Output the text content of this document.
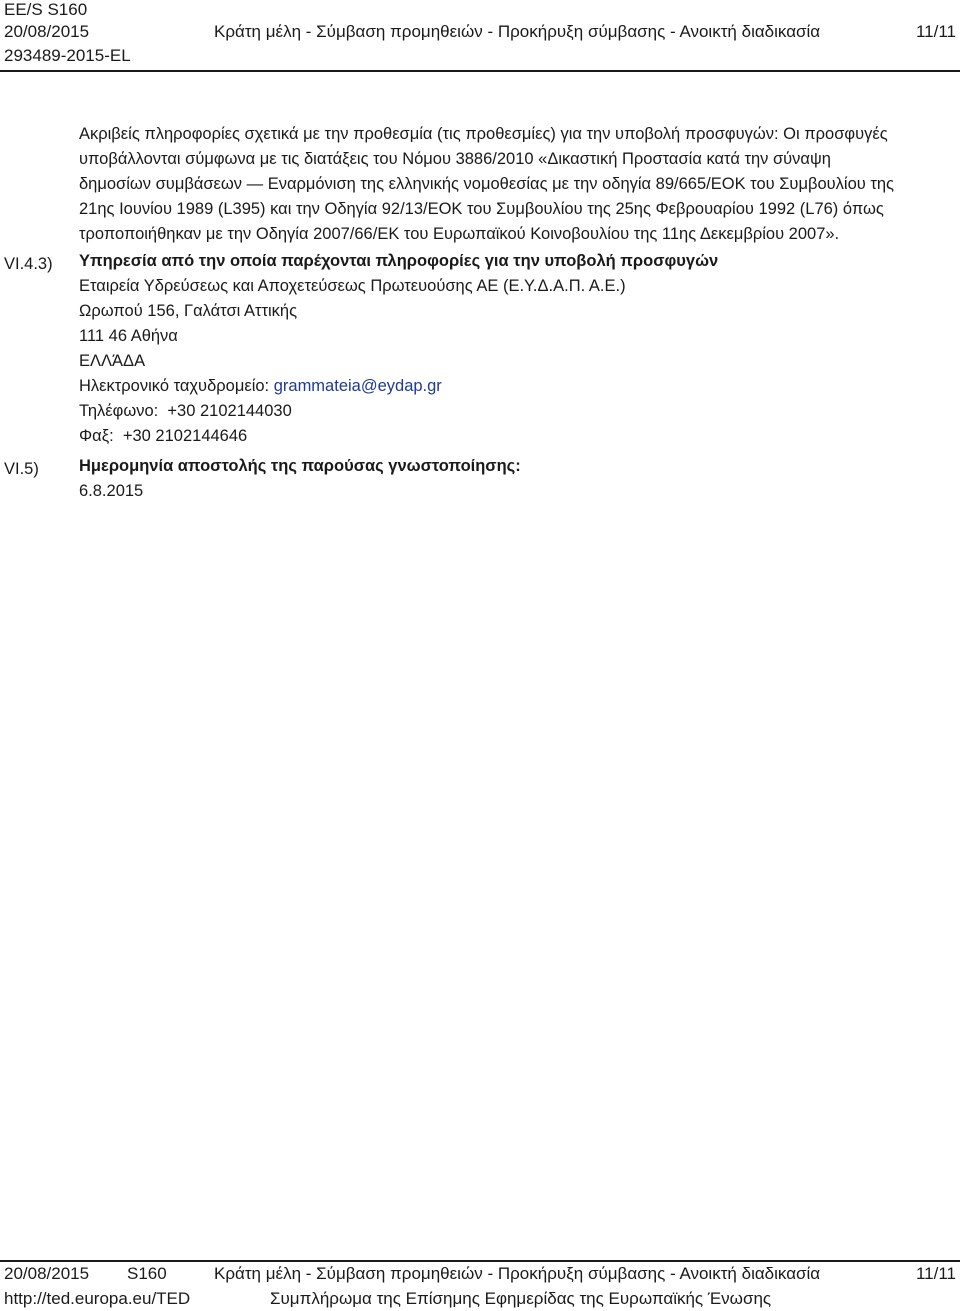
EE/S S160
20/08/2015	Κράτη μέλη - Σύμβαση προμηθειών - Προκήρυξη σύμβασης - Ανοικτή διαδικασία	11/11
293489-2015-EL
Ακριβείς πληροφορίες σχετικά με την προθεσμία (τις προθεσμίες) για την υποβολή προσφυγών: Οι προσφυγές
υποβάλλονται σύμφωνα με τις διατάξεις του Νόμου 3886/2010 «Δικαστική Προστασία κατά την σύναψη
δημοσίων συμβάσεων — Εναρμόνιση της ελληνικής νομοθεσίας με την οδηγία 89/665/ΕΟΚ του Συμβουλίου της
21ης Ιουνίου 1989 (L395) και την Οδηγία 92/13/ΕΟΚ του Συμβουλίου της 25ης Φεβρουαρίου 1992 (L76) όπως
τροποποιήθηκαν με την Οδηγία 2007/66/ΕΚ του Ευρωπαϊκού Κοινοβουλίου της 11ης Δεκεμβρίου 2007».
VI.4.3) Υπηρεσία από την οποία παρέχονται πληροφορίες για την υποβολή προσφυγών
Εταιρεία Υδρεύσεως και Αποχετεύσεως Πρωτευούσης ΑΕ (Ε.Υ.Δ.Α.Π. Α.Ε.)
Ωρωπού 156, Γαλάτσι Αττικής
111 46 Αθήνα
ΕΛΛΆΔΑ
Ηλεκτρονικό ταχυδρομείο: grammateia@eydap.gr
Τηλέφωνο: +30 2102144030
Φαξ: +30 2102144646
VI.5) Ημερομηνία αποστολής της παρούσας γνωστοποίησης:
6.8.2015
20/08/2015 S160	Κράτη μέλη - Σύμβαση προμηθειών - Προκήρυξη σύμβασης - Ανοικτή διαδικασία	11/11
http://ted.europa.eu/TED	Συμπλήρωμα της Επίσημης Εφημερίδας της Ευρωπαϊκής Ένωσης
